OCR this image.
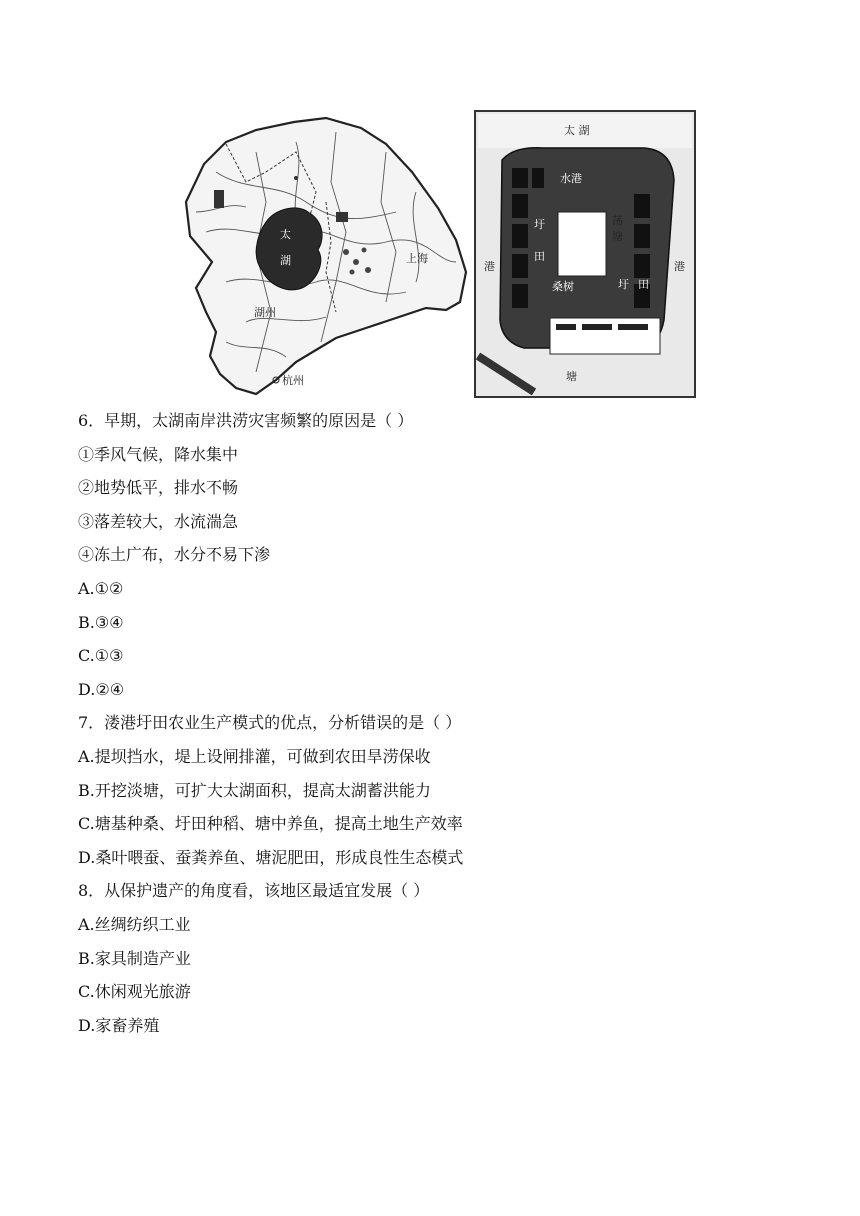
太
湖	上海
湖州
杭州
太 湖
水港
圩
田
圩 田
荡
塘
桑树
港	港
塘
6．早期，太湖南岸洪涝灾害频繁的原因是（ ）
①季风气候，降水集中
②地势低平，排水不畅
③落差较大，水流湍急
④冻土广布，水分不易下渗
A.①②
B.③④
C.①③
D.②④
7．溇港圩田农业生产模式的优点，分析错误的是（ ）
A.提坝挡水，堤上设闸排灌，可做到农田旱涝保收
B.开挖淡塘，可扩大太湖面积，提高太湖蓄洪能力
C.塘基种桑、圩田种稻、塘中养鱼，提高土地生产效率
D.桑叶喂蚕、蚕粪养鱼、塘泥肥田，形成良性生态模式
8．从保护遗产的角度看，该地区最适宜发展（ ）
A.丝绸纺织工业
B.家具制造产业
C.休闲观光旅游
D.家畜养殖
